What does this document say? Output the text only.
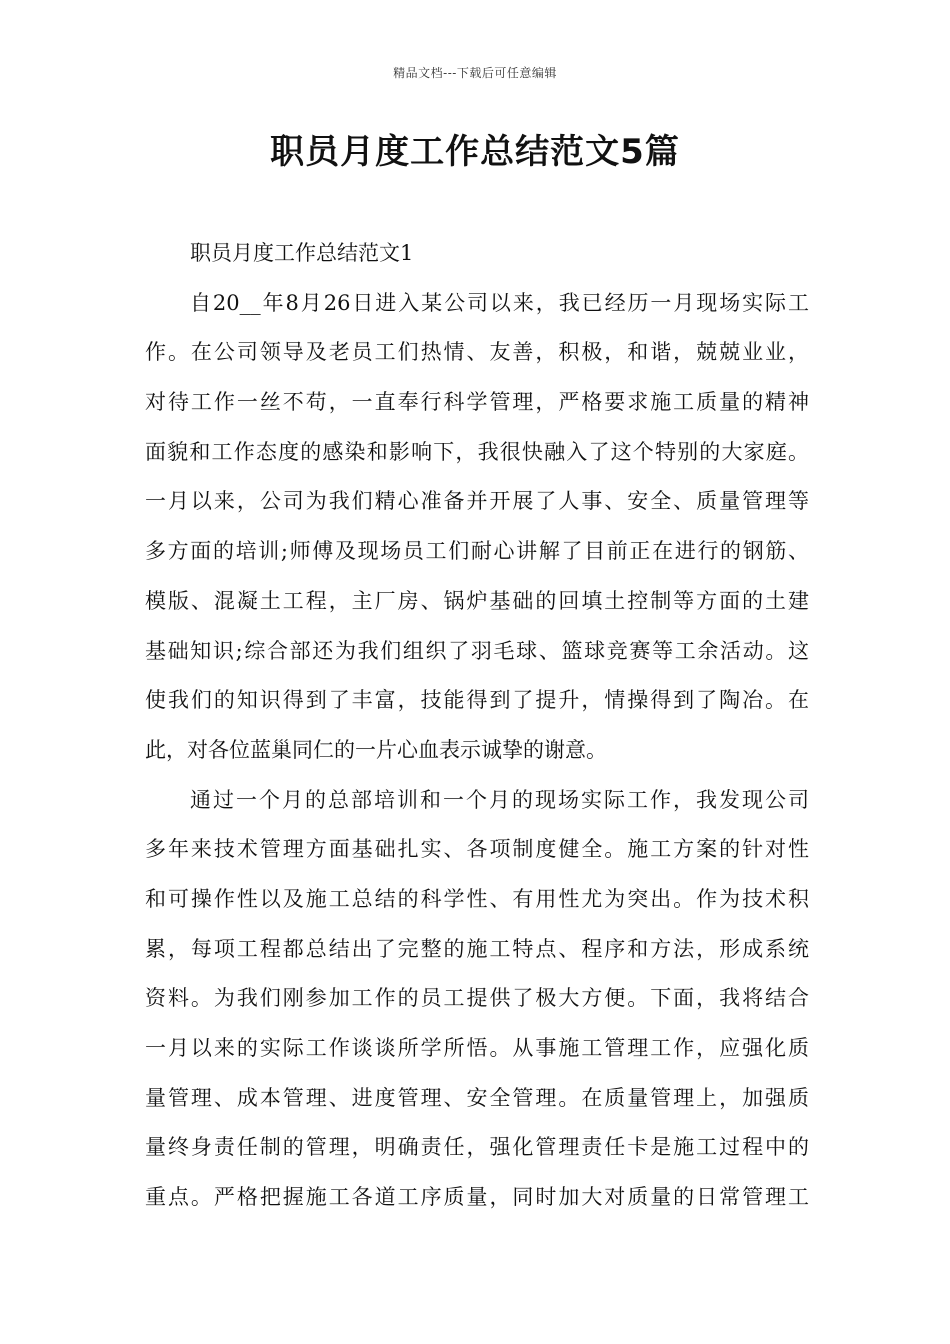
精品文档---下载后可任意编辑
职员月度工作总结范文5篇
职员月度工作总结范文1
自20__年8月26日进入某公司以来，我已经历一月现场实际工
作。在公司领导及老员工们热情、友善，积极，和谐，兢兢业业，
对待工作一丝不苟，一直奉行科学管理，严格要求施工质量的精神
面貌和工作态度的感染和影响下，我很快融入了这个特别的大家庭。
一月以来，公司为我们精心准备并开展了人事、安全、质量管理等
多方面的培训;师傅及现场员工们耐心讲解了目前正在进行的钢筋、
模版、混凝土工程，主厂房、锅炉基础的回填土控制等方面的土建
基础知识;综合部还为我们组织了羽毛球、篮球竞赛等工余活动。这
使我们的知识得到了丰富，技能得到了提升，情操得到了陶冶。在
此，对各位蓝巢同仁的一片心血表示诚挚的谢意。
通过一个月的总部培训和一个月的现场实际工作，我发现公司
多年来技术管理方面基础扎实、各项制度健全。施工方案的针对性
和可操作性以及施工总结的科学性、有用性尤为突出。作为技术积
累，每项工程都总结出了完整的施工特点、程序和方法，形成系统
资料。为我们刚参加工作的员工提供了极大方便。下面，我将结合
一月以来的实际工作谈谈所学所悟。从事施工管理工作，应强化质
量管理、成本管理、进度管理、安全管理。在质量管理上，加强质
量终身责任制的管理，明确责任，强化管理责任卡是施工过程中的
重点。严格把握施工各道工序质量，同时加大对质量的日常管理工
